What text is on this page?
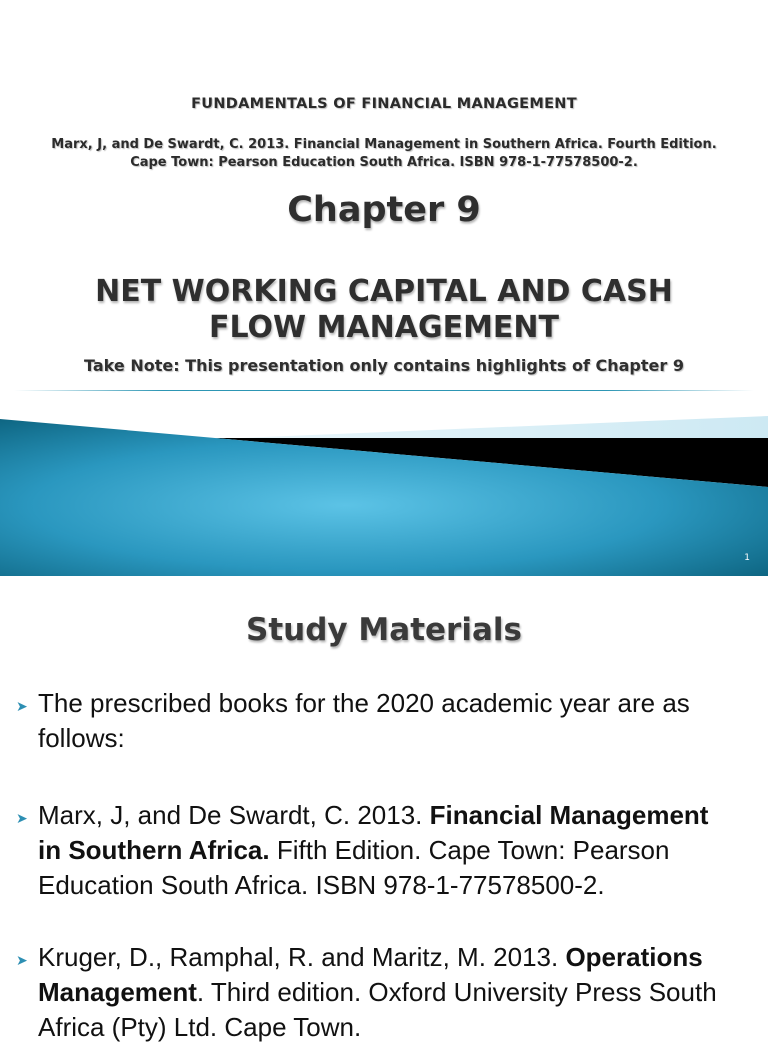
FUNDAMENTALS OF FINANCIAL MANAGEMENT
Marx, J, and De Swardt, C. 2013. Financial Management in Southern Africa. Fourth Edition.
Cape Town: Pearson Education South Africa. ISBN 978-1-77578500-2.
Chapter 9
NET WORKING CAPITAL AND CASH
FLOW MANAGEMENT
Take Note: This presentation only contains highlights of Chapter 9
1
Study Materials
➤ The prescribed books for the 2020 academic year are as follows:
➤ Marx, J, and De Swardt, C. 2013. Financial Management in Southern Africa. Fifth Edition. Cape Town: Pearson Education South Africa. ISBN 978-1-77578500-2.
➤ Kruger, D., Ramphal, R. and Maritz, M. 2013. Operations Management. Third edition. Oxford University Press South Africa (Pty) Ltd. Cape Town.
